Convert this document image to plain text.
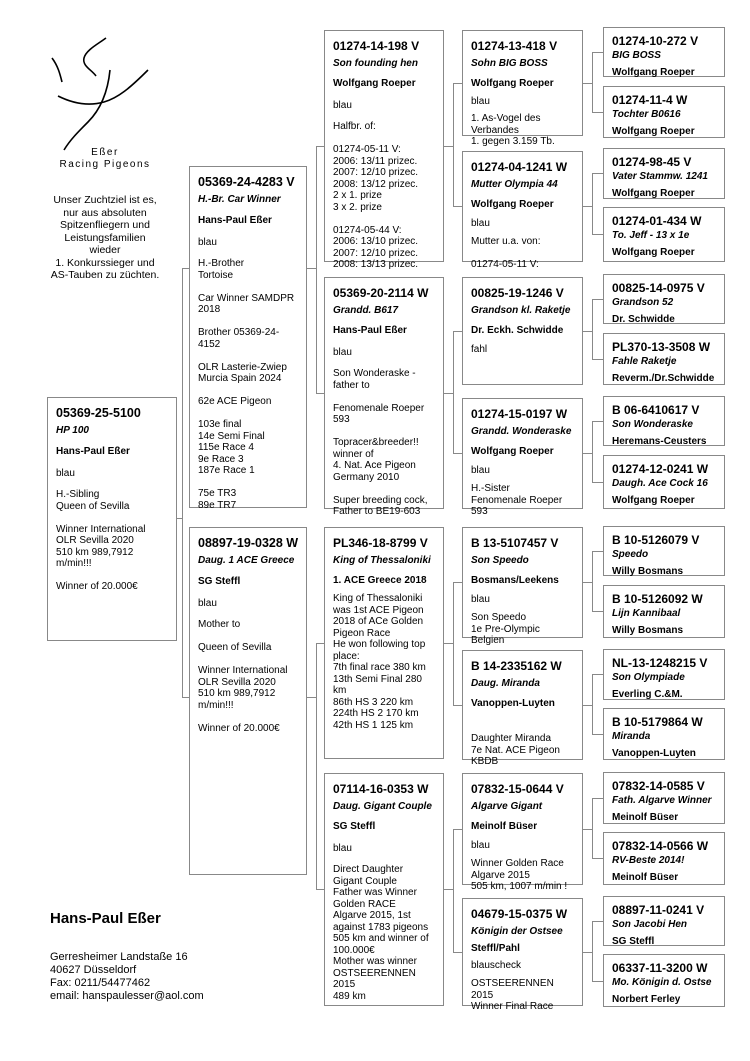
Eßer
Racing Pigeons
Unser Zuchtziel ist es,
nur aus absoluten
Spitzenfliegern und
Leistungsfamilien
wieder
1. Konkurssieger und
AS-Tauben zu züchten.
05369-25-5100
HP 100
Hans-Paul Eßer
blau
H.-Sibling
Queen of Sevilla

Winner International
OLR Sevilla 2020
510 km 989,7912
m/min!!!

Winner of 20.000€
05369-24-4283 V
H.-Br. Car Winner
Hans-Paul Eßer
blau
H.-Brother
Tortoise

Car Winner SAMDPR
2018

Brother 05369-24-
4152

OLR Lasterie-Zwiep
Murcia Spain 2024

62e ACE Pigeon

103e final
14e Semi Final
115e Race 4
9e Race 3
187e Race 1

75e TR3
89e TR7
08897-19-0328 W
Daug. 1 ACE Greece
SG Steffl
blau
Mother to

Queen of Sevilla

Winner International
OLR Sevilla 2020
510 km 989,7912
m/min!!!

Winner of 20.000€
01274-14-198 V
Son founding hen
Wolfgang Roeper
blau
Halfbr. of:

01274-05-11 V:
2006: 13/11 prizec.
2007: 12/10 prizec.
2008: 13/12 prizec.
2 x 1. prize
3 x 2. prize

01274-05-44 V:
2006: 13/10 prizec.
2007: 12/10 prizec.
2008: 13/13 prizec.
05369-20-2114 W
Grandd. B617
Hans-Paul Eßer
blau
Son Wonderaske -
father to

Fenomenale Roeper
593

Topracer&breeder!!
winner of
4. Nat. Ace Pigeon
Germany 2010

Super breeding cock,
Father to BE19-603
PL346-18-8799 V
King of Thessaloniki
1. ACE Greece 2018
King of Thessaloniki
was 1st ACE Pigeon
2018 of ACe Golden
Pigeon Race
He won following top
place:
7th final race 380 km
13th Semi Final 280
km
86th HS 3 220 km
224th HS 2 170 km
42th HS 1 125 km
07114-16-0353 W
Daug. Gigant Couple
SG Steffl
blau
Direct Daughter
Gigant Couple
Father was Winner
Golden RACE
Algarve 2015, 1st
against 1783 pigeons
505 km and winner of
100.000€
Mother was winner
OSTSEERENNEN
2015
489 km
01274-13-418 V
Sohn BIG BOSS
Wolfgang Roeper
blau
1. As-Vogel des
Verbandes
1. gegen 3.159 Tb.
01274-04-1241 W
Mutter Olympia 44
Wolfgang Roeper
blau
Mutter u.a. von:

01274-05-11 V:
00825-19-1246 V
Grandson kl. Raketje
Dr. Eckh. Schwidde
fahl
01274-15-0197 W
Grandd. Wonderaske
Wolfgang Roeper
blau
H.-Sister
Fenomenale Roeper
593
B 13-5107457 V
Son Speedo
Bosmans/Leekens
blau
Son Speedo
1e Pre-Olympic
Belgien
B 14-2335162 W
Daug. Miranda
Vanoppen-Luyten

Daughter Miranda
7e Nat. ACE Pigeon
KBDB
07832-15-0644 V
Algarve Gigant
Meinolf Büser
blau
Winner Golden Race
Algarve 2015
505 km, 1007 m/min !
04679-15-0375 W
Königin der Ostsee
Steffl/Pahl
blauscheck
OSTSEERENNEN
2015
Winner Final Race
01274-10-272 V
BIG BOSS
Wolfgang Roeper
01274-11-4 W
Tochter B0616
Wolfgang Roeper
01274-98-45 V
Vater Stammw. 1241
Wolfgang Roeper
01274-01-434 W
To. Jeff - 13 x 1e
Wolfgang Roeper
00825-14-0975 V
Grandson 52
Dr. Schwidde
PL370-13-3508 W
Fahle Raketje
Reverm./Dr.Schwidde
B 06-6410617 V
Son Wonderaske
Heremans-Ceusters
01274-12-0241 W
Daugh. Ace Cock 16
Wolfgang Roeper
B 10-5126079 V
Speedo
Willy Bosmans
B 10-5126092 W
Lijn Kannibaal
Willy Bosmans
NL-13-1248215 V
Son Olympiade
Everling C.&M.
B 10-5179864 W
Miranda
Vanoppen-Luyten
07832-14-0585 V
Fath. Algarve Winner
Meinolf Büser
07832-14-0566 W
RV-Beste 2014!
Meinolf Büser
08897-11-0241 V
Son Jacobi Hen
SG Steffl
06337-11-3200 W
Mo. Königin d. Ostse
Norbert Ferley
Hans-Paul Eßer
Gerresheimer Landstaße 16
40627 Düsseldorf
Fax: 0211/54477462
email: hanspaulesser@aol.com
